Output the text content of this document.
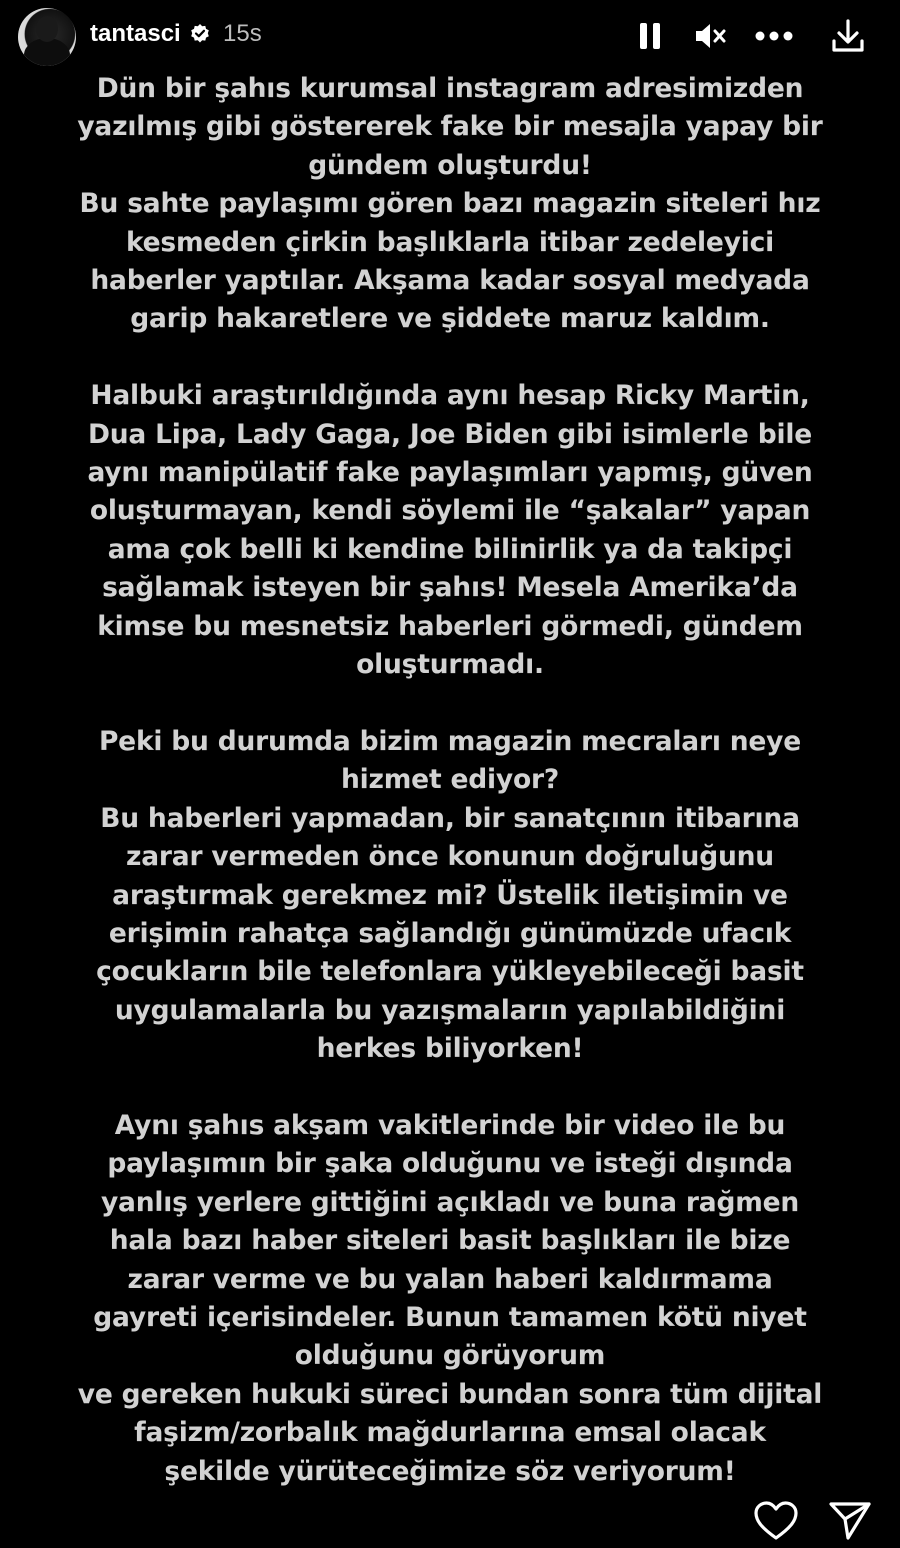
tantasci 15s
Dün bir şahıs kurumsal instagram adresimizden
yazılmış gibi göstererek fake bir mesajla yapay bir
gündem oluşturdu!
Bu sahte paylaşımı gören bazı magazin siteleri hız
kesmeden çirkin başlıklarla itibar zedeleyici
haberler yaptılar. Akşama kadar sosyal medyada
garip hakaretlere ve şiddete maruz kaldım.
Halbuki araştırıldığında aynı hesap Ricky Martin,
Dua Lipa, Lady Gaga, Joe Biden gibi isimlerle bile
aynı manipülatif fake paylaşımları yapmış, güven
oluşturmayan, kendi söylemi ile “şakalar” yapan
ama çok belli ki kendine bilinirlik ya da takipçi
sağlamak isteyen bir şahıs! Mesela Amerika’da
kimse bu mesnetsiz haberleri görmedi, gündem
oluşturmadı.
Peki bu durumda bizim magazin mecraları neye
hizmet ediyor?
Bu haberleri yapmadan, bir sanatçının itibarına
zarar vermeden önce konunun doğruluğunu
araştırmak gerekmez mi? Üstelik iletişimin ve
erişimin rahatça sağlandığı günümüzde ufacık
çocukların bile telefonlara yükleyebileceği basit
uygulamalarla bu yazışmaların yapılabildiğini
herkes biliyorken!
Aynı şahıs akşam vakitlerinde bir video ile bu
paylaşımın bir şaka olduğunu ve isteği dışında
yanlış yerlere gittiğini açıkladı ve buna rağmen
hala bazı haber siteleri basit başlıkları ile bize
zarar verme ve bu yalan haberi kaldırmama
gayreti içerisindeler. Bunun tamamen kötü niyet
olduğunu görüyorum
ve gereken hukuki süreci bundan sonra tüm dijital
faşizm/zorbalık mağdurlarına emsal olacak
şekilde yürüteceğimize söz veriyorum!
